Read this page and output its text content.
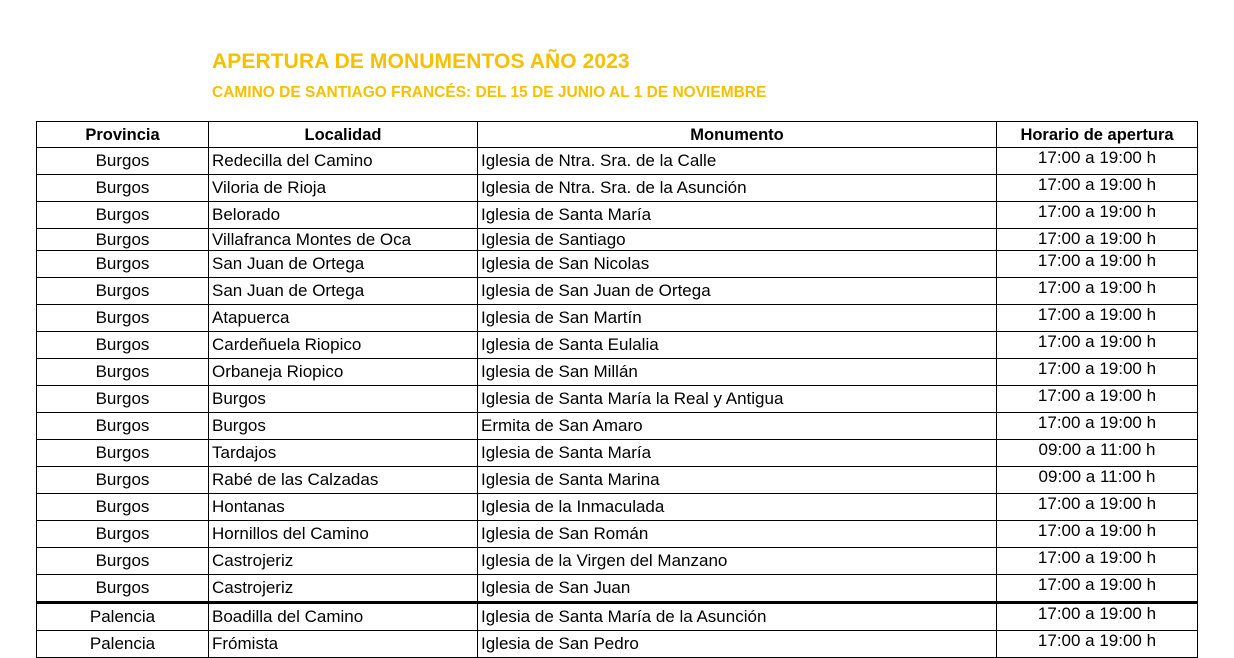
APERTURA DE MONUMENTOS AÑO 2023
CAMINO DE SANTIAGO FRANCÉS: DEL 15 DE JUNIO AL 1 DE NOVIEMBRE
Provincia	Localidad	Monumento	Horario de apertura
Burgos	Redecilla del Camino	Iglesia de Ntra. Sra. de la Calle	17:00 a 19:00 h
Burgos	Viloria de Rioja	Iglesia de Ntra. Sra. de la Asunción	17:00 a 19:00 h
Burgos	Belorado	Iglesia de Santa María	17:00 a 19:00 h
Burgos	Villafranca Montes de Oca	Iglesia de Santiago	17:00 a 19:00 h
Burgos	San Juan de Ortega	Iglesia de San Nicolas	17:00 a 19:00 h
Burgos	San Juan de Ortega	Iglesia de San Juan de Ortega	17:00 a 19:00 h
Burgos	Atapuerca	Iglesia de San Martín	17:00 a 19:00 h
Burgos	Cardeñuela Riopico	Iglesia de Santa Eulalia	17:00 a 19:00 h
Burgos	Orbaneja Riopico	Iglesia de San Millán	17:00 a 19:00 h
Burgos	Burgos	Iglesia de Santa María la Real y Antigua	17:00 a 19:00 h
Burgos	Burgos	Ermita de San Amaro	17:00 a 19:00 h
Burgos	Tardajos	Iglesia de Santa María	09:00 a 11:00 h
Burgos	Rabé de las Calzadas	Iglesia de Santa Marina	09:00 a 11:00 h
Burgos	Hontanas	Iglesia de la Inmaculada	17:00 a 19:00 h
Burgos	Hornillos del Camino	Iglesia de San Román	17:00 a 19:00 h
Burgos	Castrojeriz	Iglesia de la Virgen del Manzano	17:00 a 19:00 h
Burgos	Castrojeriz	Iglesia de San Juan	17:00 a 19:00 h
Palencia	Boadilla del Camino	Iglesia de Santa María de la Asunción	17:00 a 19:00 h
Palencia	Frómista	Iglesia de San Pedro	17:00 a 19:00 h
